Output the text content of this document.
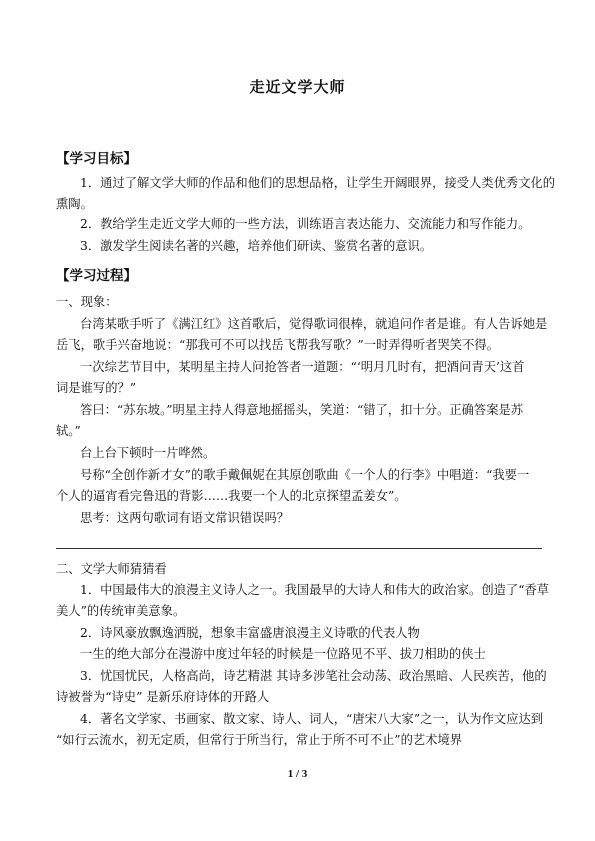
走近文学大师
【学习目标】
1．通过了解文学大师的作品和他们的思想品格，让学生开阔眼界，接受人类优秀文化的
熏陶。
2．教给学生走近文学大师的一些方法，训练语言表达能力、交流能力和写作能力。
3．激发学生阅读名著的兴趣，培养他们研读、鉴赏名著的意识。
【学习过程】
一、现象：
台湾某歌手听了《满江红》这首歌后，觉得歌词很棒，就追问作者是谁。有人告诉她是
岳飞，歌手兴奋地说：“那我可不可以找岳飞帮我写歌？”一时弄得听者哭笑不得。
一次综艺节目中，某明星主持人问抢答者一道题：“‘明月几时有，把酒问青天’这首
词是谁写的？”
答曰：“苏东坡。”明星主持人得意地摇摇头，笑道：“错了，扣十分。正确答案是苏
轼。”
台上台下顿时一片哗然。
号称“全创作新才女”的歌手戴佩妮在其原创歌曲《一个人的行李》中唱道：“我要一
个人的逼宵看完鲁迅的背影……我要一个人的北京探望孟姜女”。
思考：这两句歌词有语文常识错误吗？
二、文学大师猜猜看
1．中国最伟大的浪漫主义诗人之一。我国最早的大诗人和伟大的政治家。创造了“香草
美人”的传统审美意象。
2．诗风豪放飘逸洒脱，想象丰富盛唐浪漫主义诗歌的代表人物
一生的绝大部分在漫游中度过年轻的时候是一位路见不平、拔刀相助的侠士
3．忧国忧民，人格高尚，诗艺精湛 其诗多涉笔社会动荡、政治黑暗、人民疾苦，他的
诗被誉为“诗史” 是新乐府诗体的开路人
4．著名文学家、书画家、散文家、诗人、词人，“唐宋八大家”之一，认为作文应达到
“如行云流水，初无定质，但常行于所当行，常止于所不可不止”的艺术境界
1 / 3
